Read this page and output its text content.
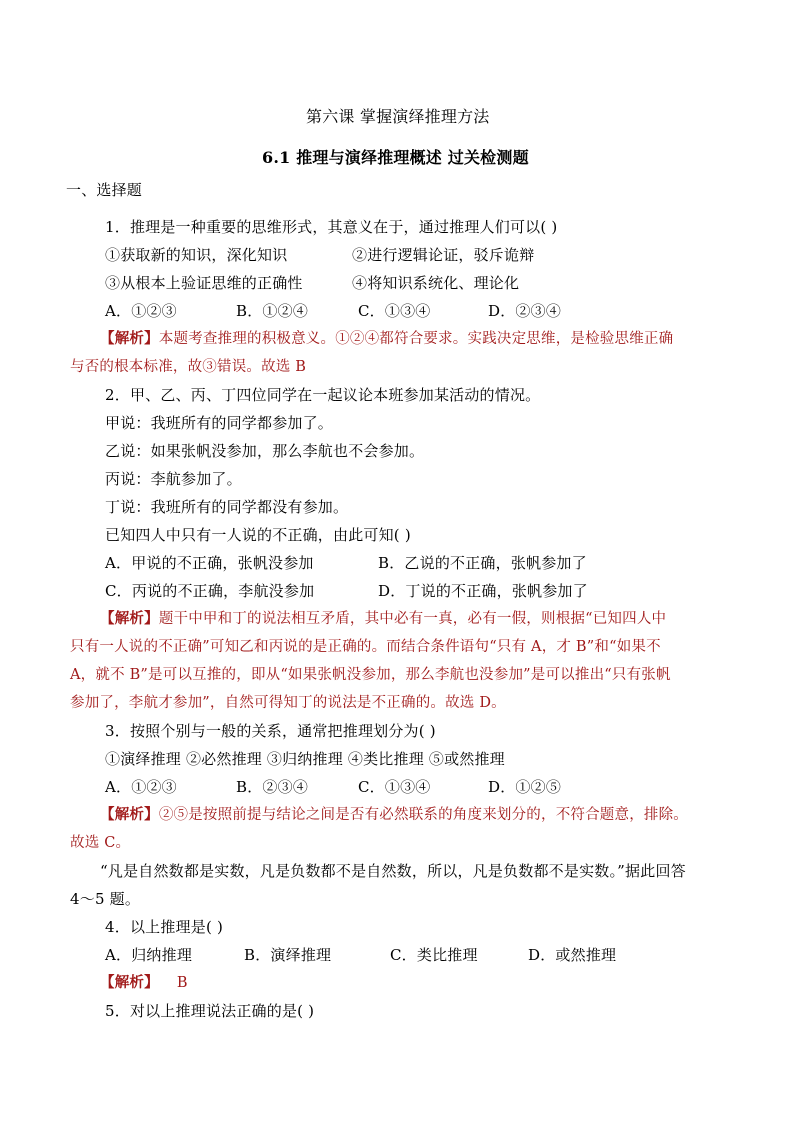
第六课 掌握演绎推理方法
6.1 推理与演绎推理概述 过关检测题
一、选择题
1．推理是一种重要的思维形式，其意义在于，通过推理人们可以( )
①获取新的知识，深化知识	②进行逻辑论证，驳斥诡辩
③从根本上验证思维的正确性	④将知识系统化、理论化
A．①②③	B．①②④	C．①③④	D．②③④
【解析】本题考查推理的积极意义。①②④都符合要求。实践决定思维，是检验思维正确
与否的根本标准，故③错误。故选 B
2．甲、乙、丙、丁四位同学在一起议论本班参加某活动的情况。
甲说：我班所有的同学都参加了。
乙说：如果张帆没参加，那么李航也不会参加。
丙说：李航参加了。
丁说：我班所有的同学都没有参加。
已知四人中只有一人说的不正确，由此可知( )
A．甲说的不正确，张帆没参加	B．乙说的不正确，张帆参加了
C．丙说的不正确，李航没参加	D．丁说的不正确，张帆参加了
【解析】题干中甲和丁的说法相互矛盾，其中必有一真，必有一假，则根据“已知四人中
只有一人说的不正确”可知乙和丙说的是正确的。而结合条件语句“只有 A，才 B”和“如果不
A，就不 B”是可以互推的，即从“如果张帆没参加，那么李航也没参加”是可以推出“只有张帆
参加了，李航才参加”，自然可得知丁的说法是不正确的。故选 D。
3．按照个别与一般的关系，通常把推理划分为( )
①演绎推理 ②必然推理 ③归纳推理 ④类比推理 ⑤或然推理
A．①②③	B．②③④	C．①③④	D．①②⑤
【解析】②⑤是按照前提与结论之间是否有必然联系的角度来划分的，不符合题意，排除。
故选 C。
“凡是自然数都是实数，凡是负数都不是自然数，所以，凡是负数都不是实数。”据此回答
4～5 题。
4．以上推理是( )
A．归纳推理	B．演绎推理	C．类比推理	D．或然推理
【解析】 B
5．对以上推理说法正确的是( )
